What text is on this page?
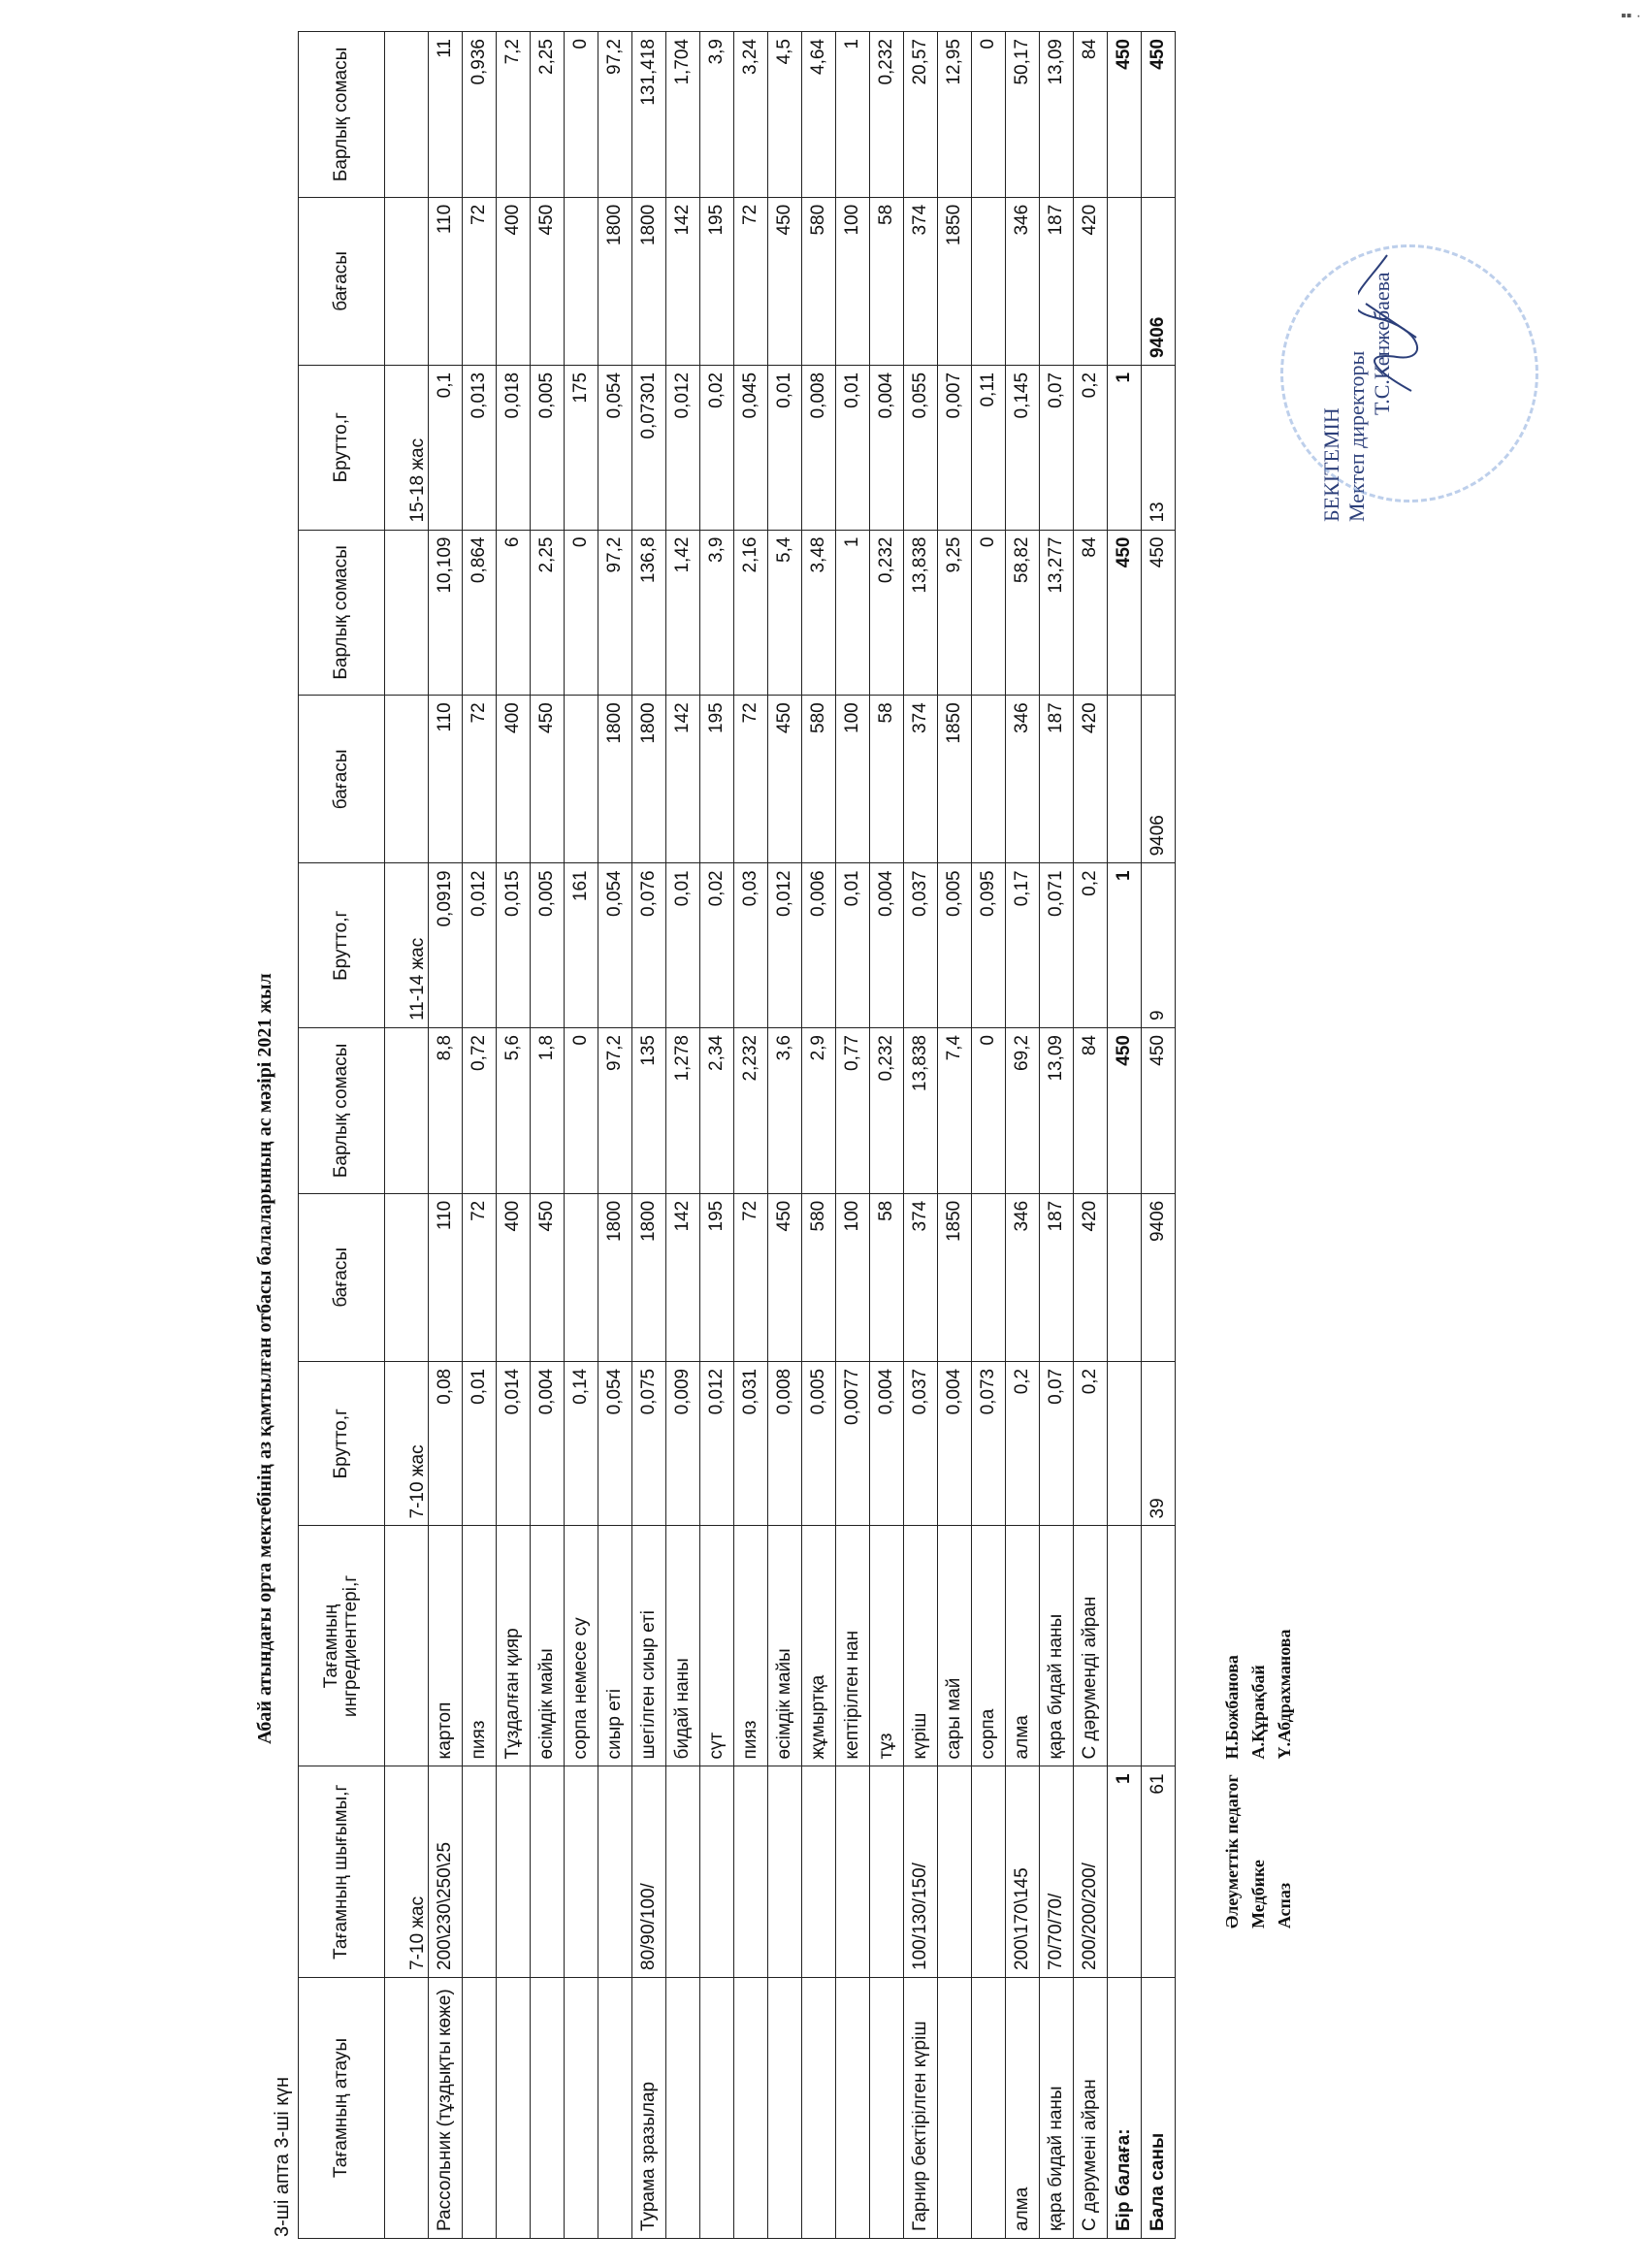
▪▪ ·
Абай атындағы орта мектебінің аз қамтылған отбасы балаларының ас мәзірі 2021 жыл
3-ші апта 3-ші күн Тағамның атауы	Тағамның шығымы,г	Тағамның ингредиенттері,г	Брутто,г	бағасы	Барлық сомасы	Брутто,г	бағасы	Барлық сомасы	Брутто,г	бағасы	Барлық сомасы
	7-10 жас		7-10 жас			11-14 жас			15-18 жас		
Рассольник (тұздықты көже)	200\230\250\25	картоп	0,08	110	8,8	0,0919	110	10,109	0,1	110	11
		пияз	0,01	72	0,72	0,012	72	0,864	0,013	72	0,936
		Тұздалған қияр	0,014	400	5,6	0,015	400	6	0,018	400	7,2
		өсімдік майы	0,004	450	1,8	0,005	450	2,25	0,005	450	2,25
		сорпа немесе су	0,14		0	161		0	175		0
		сиыр еті	0,054	1800	97,2	0,054	1800	97,2	0,054	1800	97,2
Турама зразылар	80/90/100/	шегілген сиыр еті	0,075	1800	135	0,076	1800	136,8	0,07301	1800	131,418
		бидай наны	0,009	142	1,278	0,01	142	1,42	0,012	142	1,704
		сүт	0,012	195	2,34	0,02	195	3,9	0,02	195	3,9
		пияз	0,031	72	2,232	0,03	72	2,16	0,045	72	3,24
		өсімдік майы	0,008	450	3,6	0,012	450	5,4	0,01	450	4,5
		жұмыртқа	0,005	580	2,9	0,006	580	3,48	0,008	580	4,64
		кептірілген нан	0,0077	100	0,77	0,01	100	1	0,01	100	1
		тұз	0,004	58	0,232	0,004	58	0,232	0,004	58	0,232
Гарнир бектірілген күріш	100/130/150/	күріш	0,037	374	13,838	0,037	374	13,838	0,055	374	20,57
		сары май	0,004	1850	7,4	0,005	1850	9,25	0,007	1850	12,95
		сорпа	0,073		0	0,095		0	0,11		0
алма	200\170\145	алма	0,2	346	69,2	0,17	346	58,82	0,145	346	50,17
қара бидай наны	70/70/70/	қара бидай наны	0,07	187	13,09	0,071	187	13,277	0,07	187	13,09
С дәрумені айран	200/200/200/	С дәруменді айран	0,2	420	84	0,2	420	84	0,2	420	84
Бір балаға:	1				450	1		450	1		450
Бала саны	61		39	9406	450	9	9406	450	13	9406	450
Әлеуметтік педагог Н.Божбанова
Медбике А.Құрақбай
Аспаз Ү.Абдрахманова
БЕКІТЕМІН Мектеп директоры
Т.С.Кенжебаева
